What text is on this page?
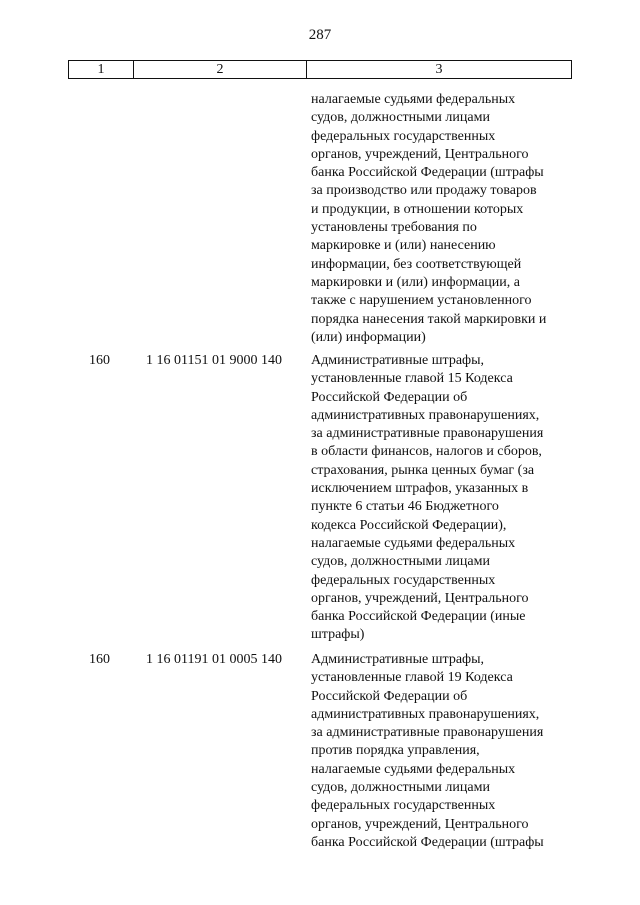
287
1	2	3
налагаемые судьями федеральных
судов, должностными лицами
федеральных государственных
органов, учреждений, Центрального
банка Российской Федерации (штрафы
за производство или продажу товаров
и продукции, в отношении которых
установлены требования по
маркировке и (или) нанесению
информации, без соответствующей
маркировки и (или) информации, а
также с нарушением установленного
порядка нанесения такой маркировки и
(или) информации)
160	1 16 01151 01 9000 140 Административные штрафы,
установленные главой 15 Кодекса
Российской Федерации об
административных правонарушениях,
за административные правонарушения
в области финансов, налогов и сборов,
страхования, рынка ценных бумаг (за
исключением штрафов, указанных в
пункте 6 статьи 46 Бюджетного
кодекса Российской Федерации),
налагаемые судьями федеральных
судов, должностными лицами
федеральных государственных
органов, учреждений, Центрального
банка Российской Федерации (иные
штрафы)
160	1 16 01191 01 0005 140 Административные штрафы,
установленные главой 19 Кодекса
Российской Федерации об
административных правонарушениях,
за административные правонарушения
против порядка управления,
налагаемые судьями федеральных
судов, должностными лицами
федеральных государственных
органов, учреждений, Центрального
банка Российской Федерации (штрафы
